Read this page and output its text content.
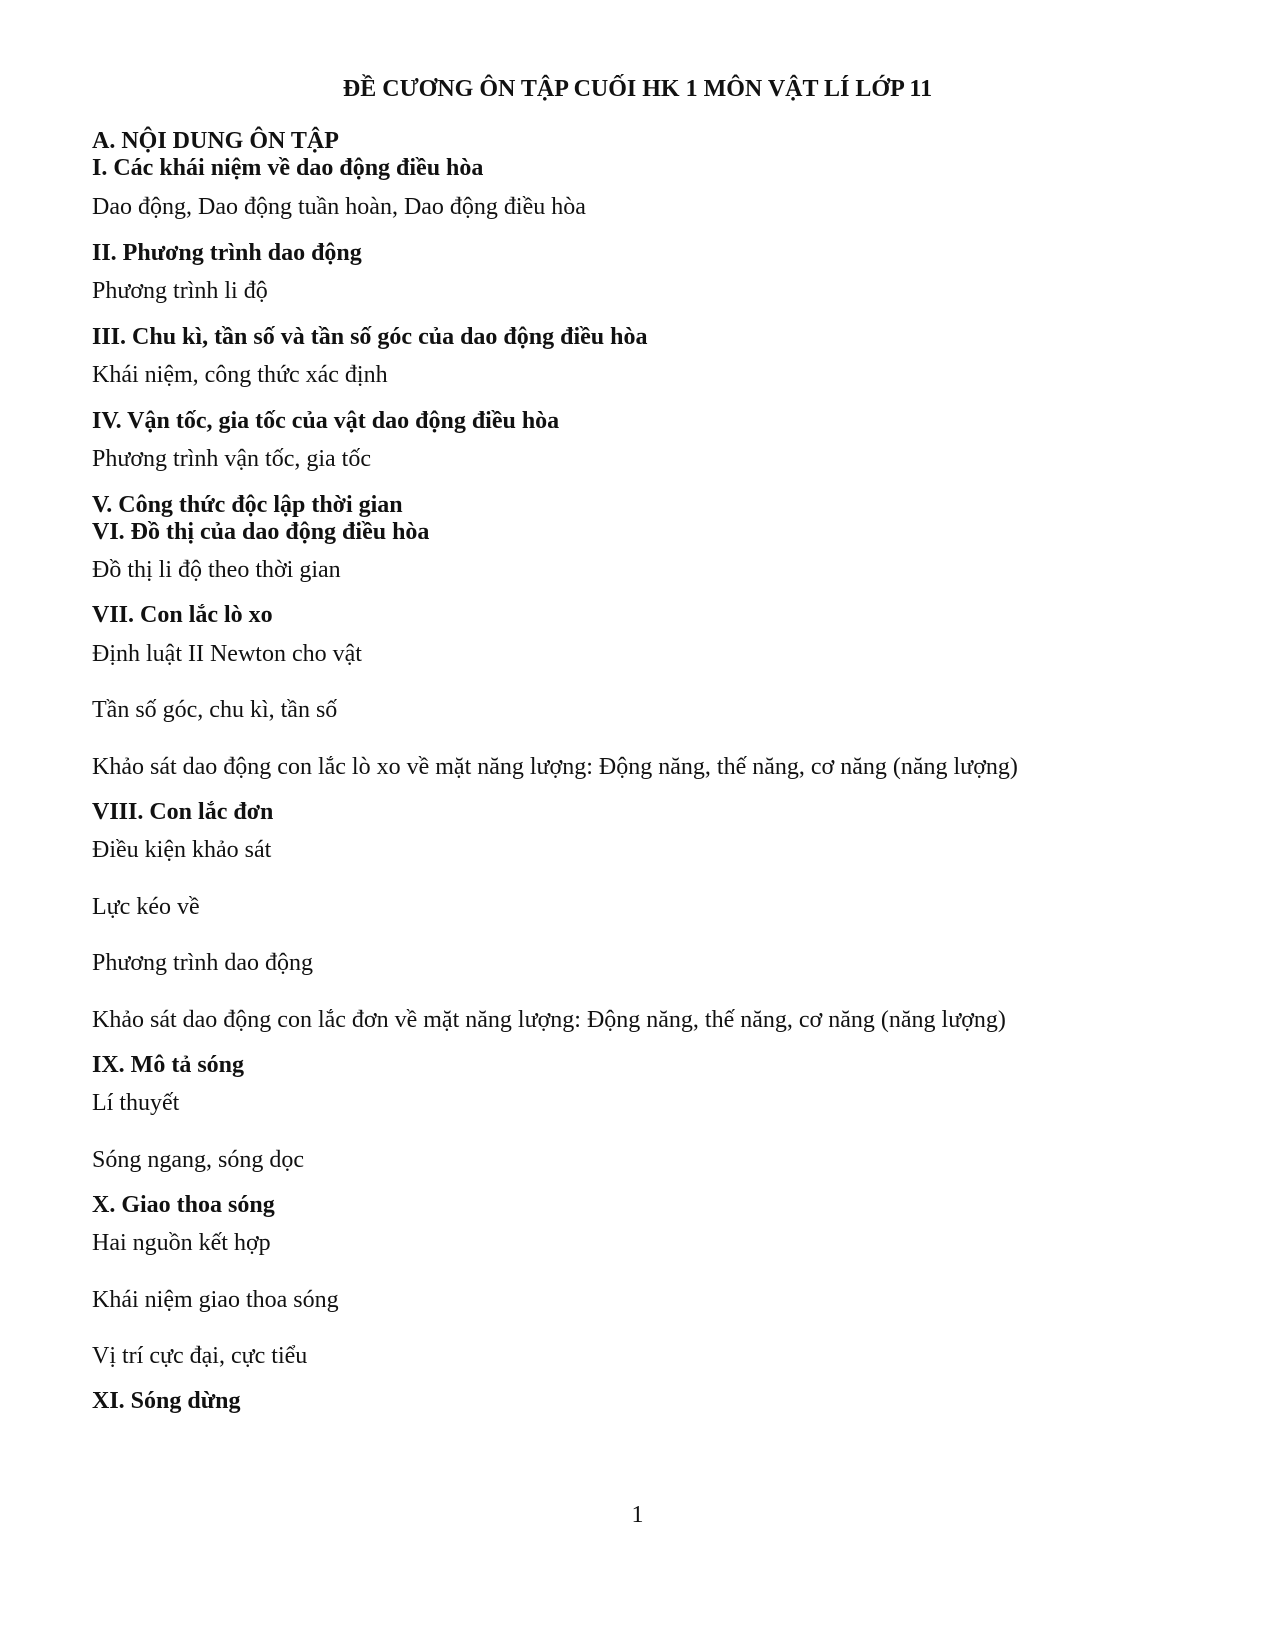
ĐỀ CƯƠNG ÔN TẬP CUỐI HK 1 MÔN VẬT LÍ LỚP 11
A. NỘI DUNG ÔN TẬP
I. Các khái niệm về dao động điều hòa
Dao động, Dao động tuần hoàn, Dao động điều hòa
II. Phương trình dao động
Phương trình li độ
III. Chu kì, tần số và tần số góc của dao động điều hòa
Khái niệm, công thức xác định
IV. Vận tốc, gia tốc của vật dao động điều hòa
Phương trình vận tốc, gia tốc
V. Công thức độc lập thời gian
VI. Đồ thị của dao động điều hòa
Đồ thị li độ theo thời gian
VII. Con lắc lò xo
Định luật II Newton cho vật
Tần số góc, chu kì, tần số
Khảo sát dao động con lắc lò xo về mặt năng lượng: Động năng, thế năng, cơ năng (năng lượng)
VIII. Con lắc đơn
Điều kiện khảo sát
Lực kéo về
Phương trình dao động
Khảo sát dao động con lắc đơn về mặt năng lượng: Động năng, thế năng, cơ năng (năng lượng)
IX. Mô tả sóng
Lí thuyết
Sóng ngang, sóng dọc
X. Giao thoa sóng
Hai nguồn kết hợp
Khái niệm giao thoa sóng
Vị trí cực đại, cực tiểu
XI. Sóng dừng
1
